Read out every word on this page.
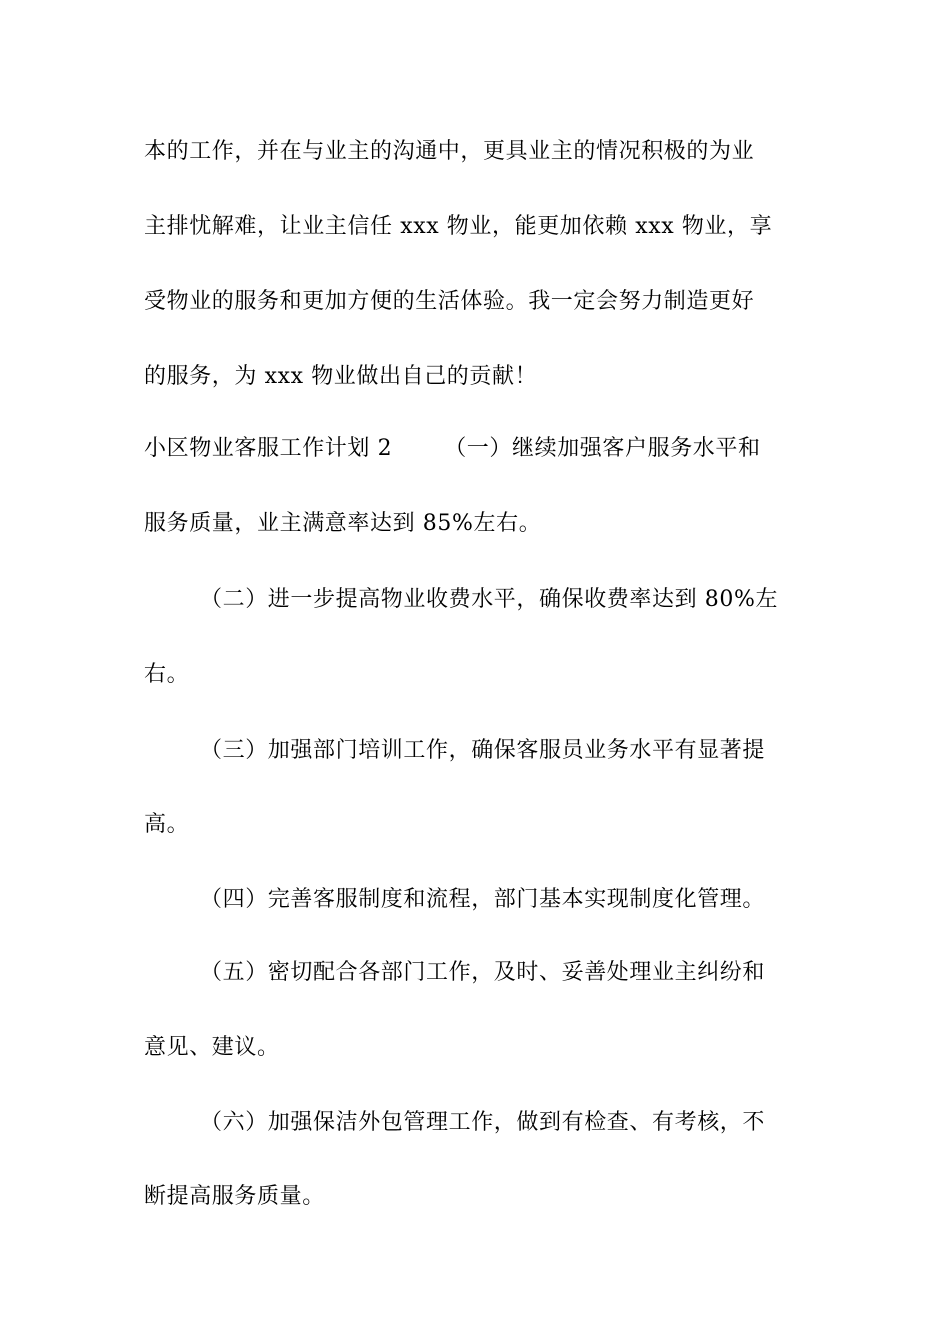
本的工作，并在与业主的沟通中，更具业主的情况积极的为业
主排忧解难，让业主信任 xxx 物业，能更加依赖 xxx 物业，享
受物业的服务和更加方便的生活体验。我一定会努力制造更好
的服务，为 xxx 物业做出自己的贡献！
小区物业客服工作计划 2 （一）继续加强客户服务水平和
服务质量，业主满意率达到 85%左右。
（二）进一步提高物业收费水平，确保收费率达到 80%左
右。
（三）加强部门培训工作，确保客服员业务水平有显著提
高。
（四）完善客服制度和流程，部门基本实现制度化管理。
（五）密切配合各部门工作，及时、妥善处理业主纠纷和
意见、建议。
（六）加强保洁外包管理工作，做到有检查、有考核，不
断提高服务质量。
